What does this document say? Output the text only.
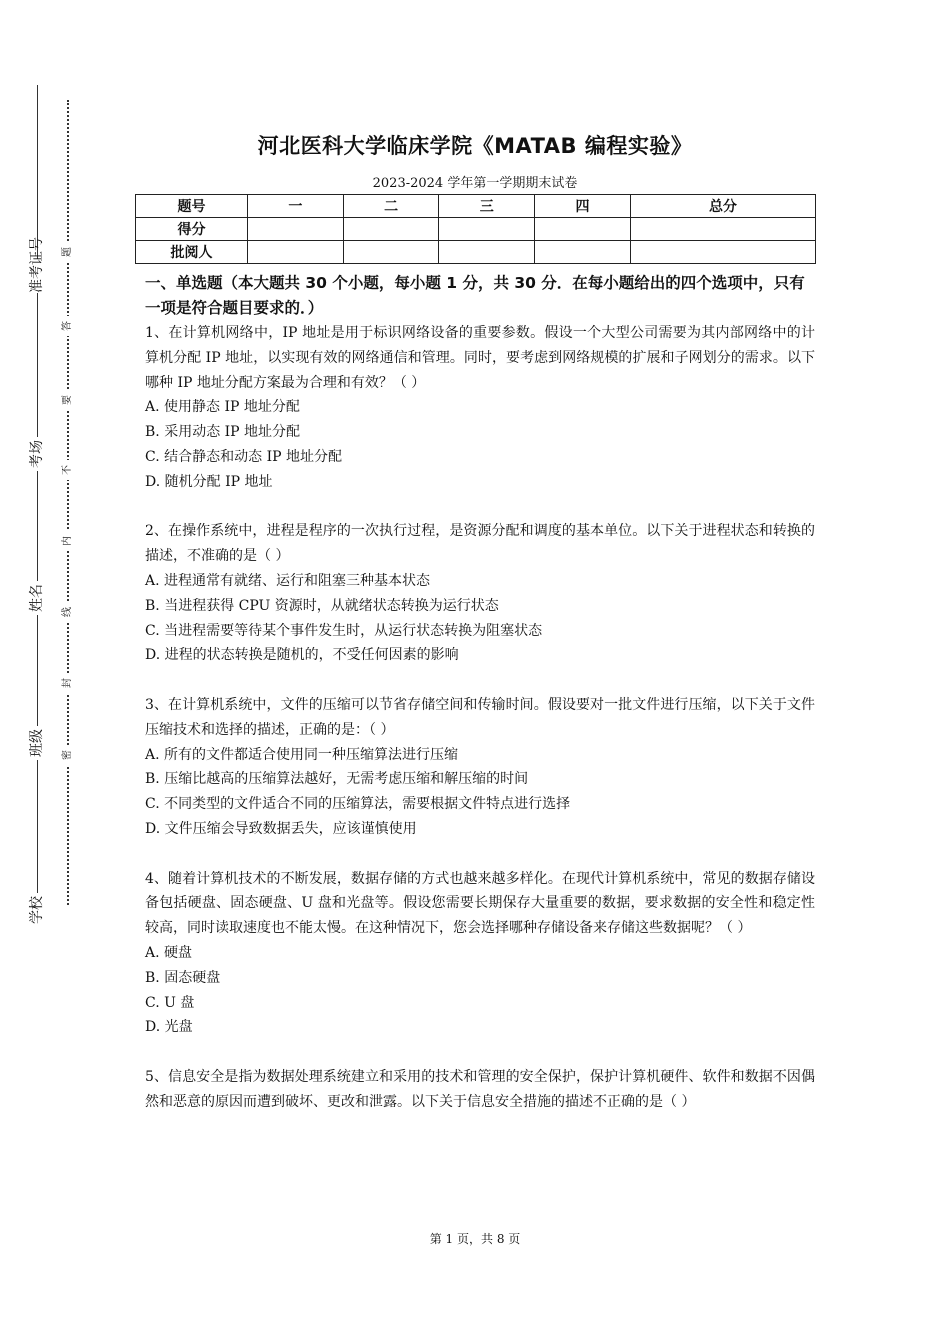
准考证号
考场
姓名
班级
学校
题
答
要
不
内
线
封
密
河北医科大学临床学院《MATAB 编程实验》
2023-2024 学年第一学期期末试卷
题号	一	二	三	四	总分
得分					
批阅人					
一、单选题（本大题共 30 个小题，每小题 1 分，共 30 分．在每小题给出的四个选项中，只有一项是符合题目要求的．）

1、在计算机网络中，IP 地址是用于标识网络设备的重要参数。假设一个大型公司需要为其内部网络中的计算机分配 IP 地址，以实现有效的网络通信和管理。同时，要考虑到网络规模的扩展和子网划分的需求。以下哪种 IP 地址分配方案最为合理和有效？（ ）

A. 使用静态 IP 地址分配

B. 采用动态 IP 地址分配

C. 结合静态和动态 IP 地址分配

D. 随机分配 IP 地址

2、在操作系统中，进程是程序的一次执行过程，是资源分配和调度的基本单位。以下关于进程状态和转换的描述，不准确的是（ ）

A. 进程通常有就绪、运行和阻塞三种基本状态

B. 当进程获得 CPU 资源时，从就绪状态转换为运行状态

C. 当进程需要等待某个事件发生时，从运行状态转换为阻塞状态

D. 进程的状态转换是随机的，不受任何因素的影响

3、在计算机系统中，文件的压缩可以节省存储空间和传输时间。假设要对一批文件进行压缩，以下关于文件压缩技术和选择的描述，正确的是：（ ）

A. 所有的文件都适合使用同一种压缩算法进行压缩

B. 压缩比越高的压缩算法越好，无需考虑压缩和解压缩的时间

C. 不同类型的文件适合不同的压缩算法，需要根据文件特点进行选择

D. 文件压缩会导致数据丢失，应该谨慎使用

4、随着计算机技术的不断发展，数据存储的方式也越来越多样化。在现代计算机系统中，常见的数据存储设备包括硬盘、固态硬盘、U 盘和光盘等。假设您需要长期保存大量重要的数据，要求数据的安全性和稳定性较高，同时读取速度也不能太慢。在这种情况下，您会选择哪种存储设备来存储这些数据呢？（ ）

A. 硬盘

B. 固态硬盘

C. U 盘

D. 光盘

5、信息安全是指为数据处理系统建立和采用的技术和管理的安全保护，保护计算机硬件、软件和数据不因偶然和恶意的原因而遭到破坏、更改和泄露。以下关于信息安全措施的描述不正确的是（ ）

第 1 页，共 8 页
